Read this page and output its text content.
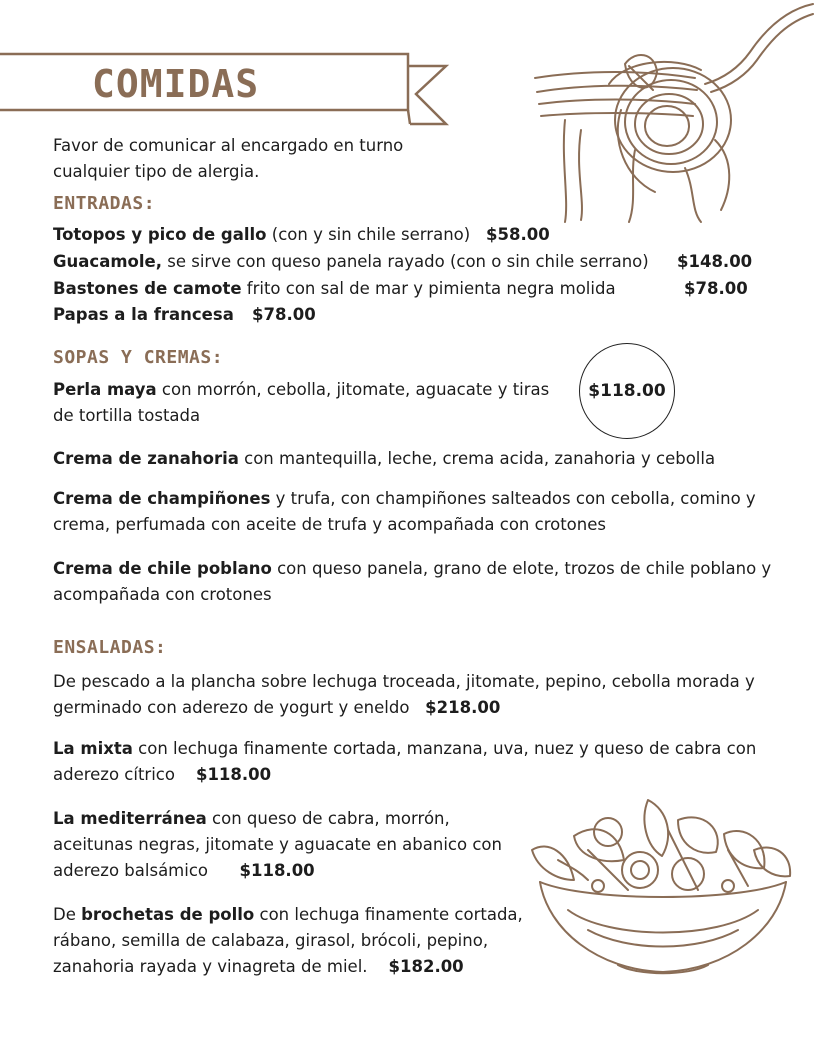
COMIDAS
Favor de comunicar al encargado en turno cualquier tipo de alergia.
ENTRADAS:
Totopos y pico de gallo (con y sin chile serrano) $58.00
Guacamole, se sirve con queso panela rayado (con o sin chile serrano) $148.00
Bastones de camote frito con sal de mar y pimienta negra molida	$78.00
Papas a la francesa $78.00
SOPAS Y CREMAS:
$118.00
Perla maya con morrón, cebolla, jitomate, aguacate y tiras de tortilla tostada
Crema de zanahoria con mantequilla, leche, crema acida, zanahoria y cebolla
Crema de champiñones y trufa, con champiñones salteados con cebolla, comino y crema, perfumada con aceite de trufa y acompañada con crotones
Crema de chile poblano con queso panela, grano de elote, trozos de chile poblano y acompañada con crotones
ENSALADAS:
De pescado a la plancha sobre lechuga troceada, jitomate, pepino, cebolla morada y germinado con aderezo de yogurt y eneldo $218.00
La mixta con lechuga finamente cortada, manzana, uva, nuez y queso de cabra con aderezo cítrico $118.00
La mediterránea con queso de cabra, morrón, aceitunas negras, jitomate y aguacate en abanico con aderezo balsámico $118.00
De brochetas de pollo con lechuga finamente cortada, rábano, semilla de calabaza, girasol, brócoli, pepino, zanahoria rayada y vinagreta de miel. $182.00
